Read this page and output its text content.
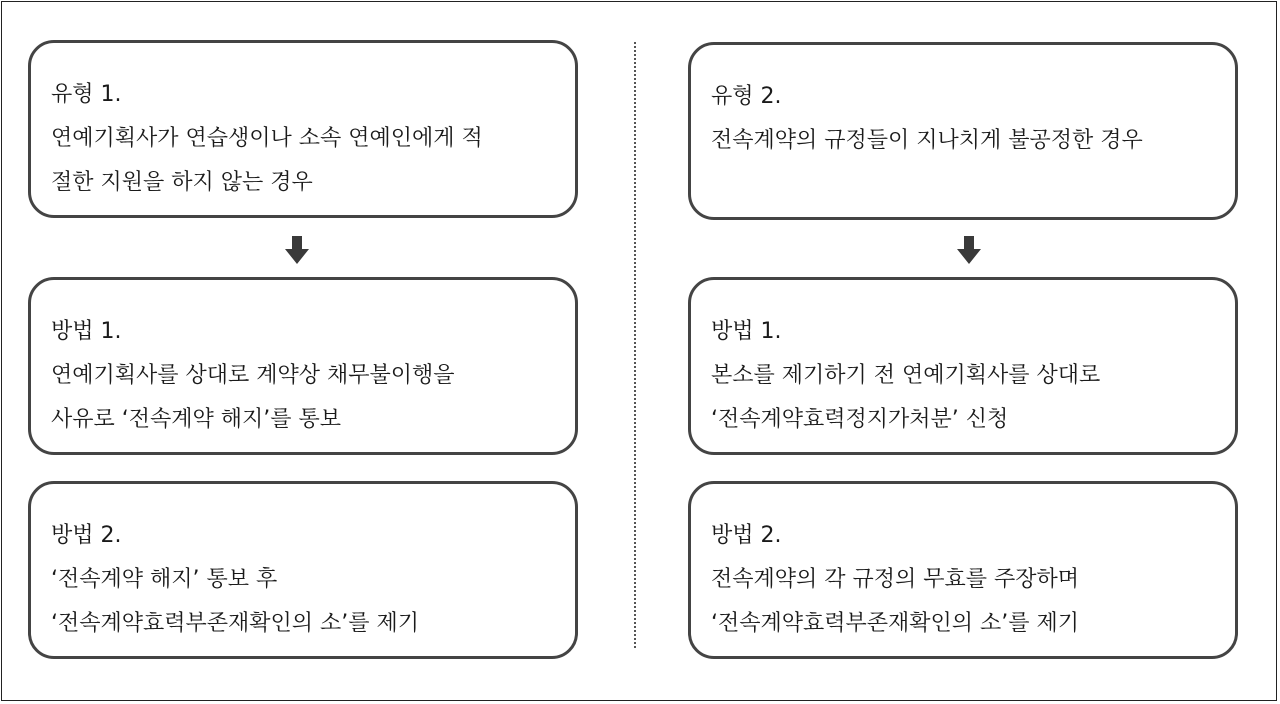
유형 1.
연예기획사가 연습생이나 소속 연예인에게 적
절한 지원을 하지 않는 경우
방법 1.
연예기획사를 상대로 계약상 채무불이행을
사유로 ‘전속계약 해지’를 통보
방법 2.
‘전속계약 해지’ 통보 후
‘전속계약효력부존재확인의 소’를 제기
유형 2.
전속계약의 규정들이 지나치게 불공정한 경우
방법 1.
본소를 제기하기 전 연예기획사를 상대로
‘전속계약효력정지가처분’ 신청
방법 2.
전속계약의 각 규정의 무효를 주장하며
‘전속계약효력부존재확인의 소’를 제기
